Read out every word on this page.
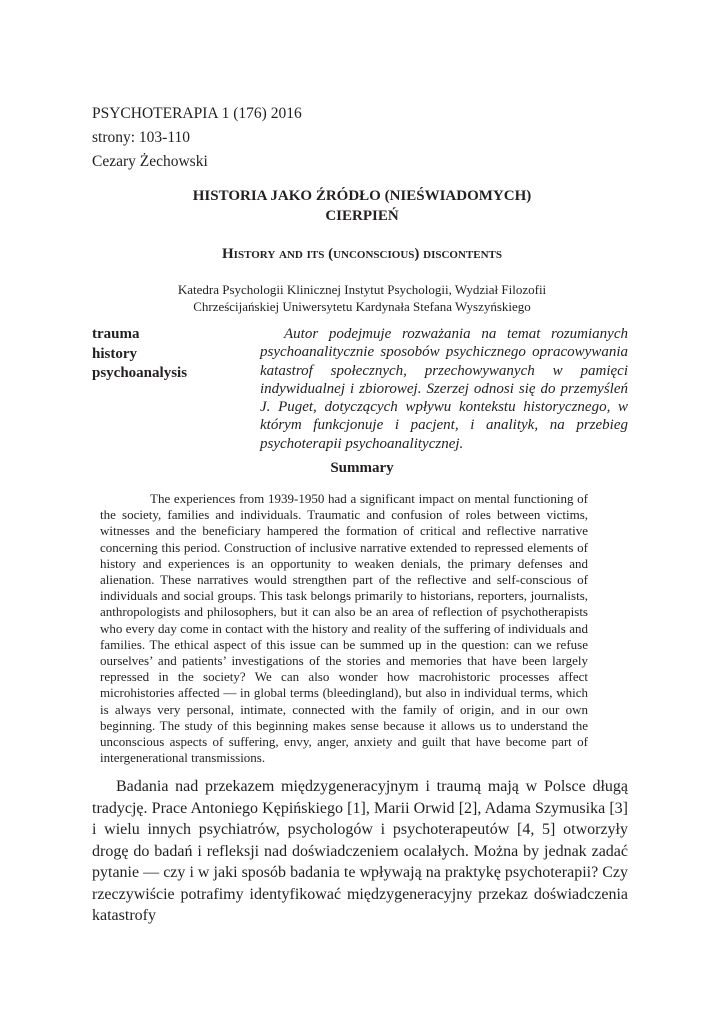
PSYCHOTERAPIA 1 (176) 2016
strony: 103-110
Cezary Żechowski
HISTORIA JAKO ŹRÓDŁO (NIEŚWIADOMYCH)
CIERPIEŃ
History and its (unconscious) discontents
Katedra Psychologii Klinicznej Instytut Psychologii, Wydział Filozofii
Chrześcijańskiej Uniwersytetu Kardynała Stefana Wyszyńskiego
trauma
history
psychoanalysis
Autor podejmuje rozważania na temat rozumianych psychoanalitycznie sposobów psychicznego opracowywania katastrof społecznych, przechowywanych w pamięci indywidualnej i zbiorowej. Szerzej odnosi się do przemyśleń J. Puget, dotyczących wpływu kontekstu historycznego, w którym funkcjonuje i pacjent, i analityk, na przebieg psychoterapii psychoanalitycznej.
Summary
The experiences from 1939-1950 had a significant impact on mental functioning of the society, families and individuals. Traumatic and confusion of roles between victims, witnesses and the beneficiary hampered the formation of critical and reflective narrative concerning this period. Construction of inclusive narrative extended to repressed elements of history and experiences is an opportunity to weaken denials, the primary defenses and alienation. These narratives would strengthen part of the reflective and self-conscious of individuals and social groups. This task belongs primarily to historians, reporters, journalists, anthropologists and philosophers, but it can also be an area of reflection of psychotherapists who every day come in contact with the history and reality of the suffering of individuals and families. The ethical aspect of this issue can be summed up in the question: can we refuse ourselves’ and patients’ investigations of the stories and memories that have been largely repressed in the society? We can also wonder how macrohistoric processes affect microhistories affected — in global terms (bleedingland), but also in individual terms, which is always very personal, intimate, connected with the family of origin, and in our own beginning. The study of this beginning makes sense because it allows us to understand the unconscious aspects of suffering, envy, anger, anxiety and guilt that have become part of intergenerational transmissions.
Badania nad przekazem międzygeneracyjnym i traumą mają w Polsce długą tradycję. Prace Antoniego Kępińskiego [1], Marii Orwid [2], Adama Szymusika [3] i wielu innych psychiatrów, psychologów i psychoterapeutów [4, 5] otworzyły drogę do badań i refleksji nad doświadczeniem ocalałych. Można by jednak zadać pytanie — czy i w jaki sposób badania te wpływają na praktykę psychoterapii? Czy rzeczywiście potrafimy identyfikować międzygeneracyjny przekaz doświadczenia katastrofy
